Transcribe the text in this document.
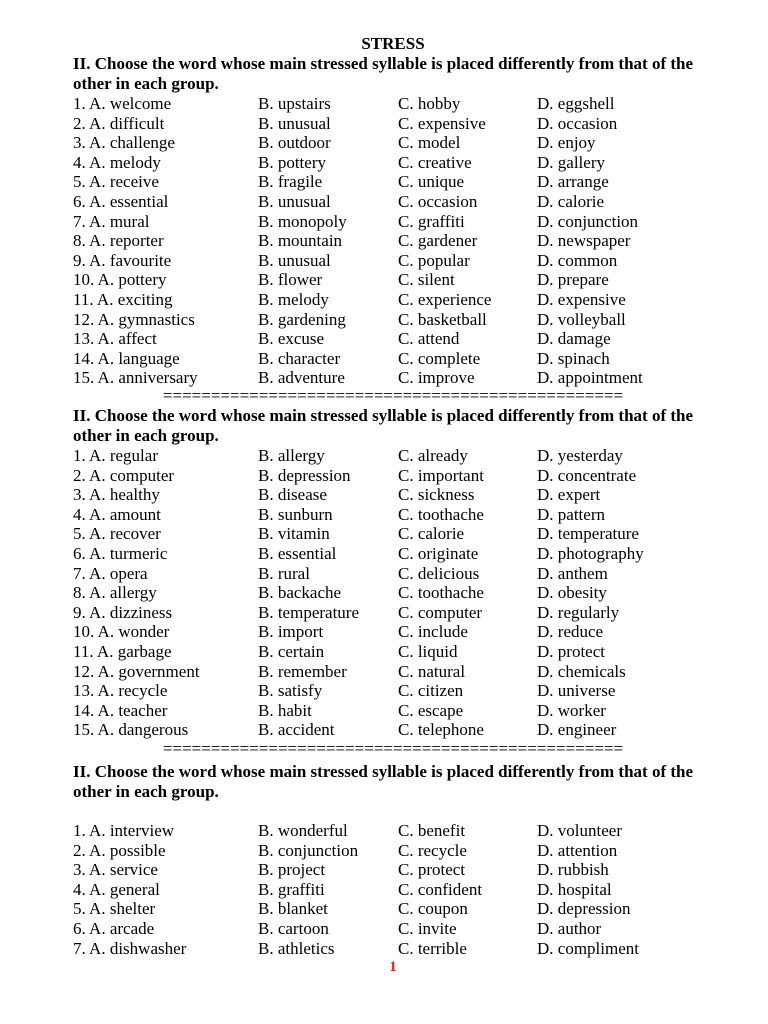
STRESS

II. Choose the word whose main stressed syllable is placed differently from that of the other in each group.

1. A. welcome	B. upstairs	C. hobby	D. eggshell
2. A. difficult	B. unusual	C. expensive	D. occasion
3. A. challenge	B. outdoor	C. model	D. enjoy
4. A. melody	B. pottery	C. creative	D. gallery
5. A. receive	B. fragile	C. unique	D. arrange
6. A. essential	B. unusual	C. occasion	D. calorie
7. A. mural	B. monopoly	C. graffiti	D. conjunction
8. A. reporter	B. mountain	C. gardener	D. newspaper
9. A. favourite	B. unusual	C. popular	D. common
10. A. pottery	B. flower	C. silent	D. prepare
11. A. exciting	B. melody	C. experience	D. expensive
12. A. gymnastics	B. gardening	C. basketball	D. volleyball
13. A. affect	B. excuse	C. attend	D. damage
14. A. language	B. character	C. complete	D. spinach
15. A. anniversary	B. adventure	C. improve	D. appointment
================================================

II. Choose the word whose main stressed syllable is placed differently from that of the other in each group.

1. A. regular	B. allergy	C. already	D. yesterday
2. A. computer	B. depression	C. important	D. concentrate
3. A. healthy	B. disease	C. sickness	D. expert
4. A. amount	B. sunburn	C. toothache	D. pattern
5. A. recover	B. vitamin	C. calorie	D. temperature
6. A. turmeric	B. essential	C. originate	D. photography
7. A. opera	B. rural	C. delicious	D. anthem
8. A. allergy	B. backache	C. toothache	D. obesity
9. A. dizziness	B. temperature C. computer	D. regularly
10. A. wonder	B. import	C. include	D. reduce
11. A. garbage	B. certain	C. liquid	D. protect
12. A. government	B. remember	C. natural	D. chemicals
13. A. recycle	B. satisfy	C. citizen	D. universe
14. A. teacher	B. habit	C. escape	D. worker
15. A. dangerous	B. accident	C. telephone	D. engineer
================================================

II. Choose the word whose main stressed syllable is placed differently from that of the other in each group.

1. A. interview	B. wonderful	C. benefit	D. volunteer
2. A. possible	B. conjunction C. recycle	D. attention
3. A. service	B. project	C. protect	D. rubbish
4. A. general	B. graffiti	C. confident	D. hospital
5. A. shelter	B. blanket	C. coupon	D. depression
6. A. arcade	B. cartoon	C. invite	D. author
7. A. dishwasher	B. athletics	C. terrible	D. compliment
1
